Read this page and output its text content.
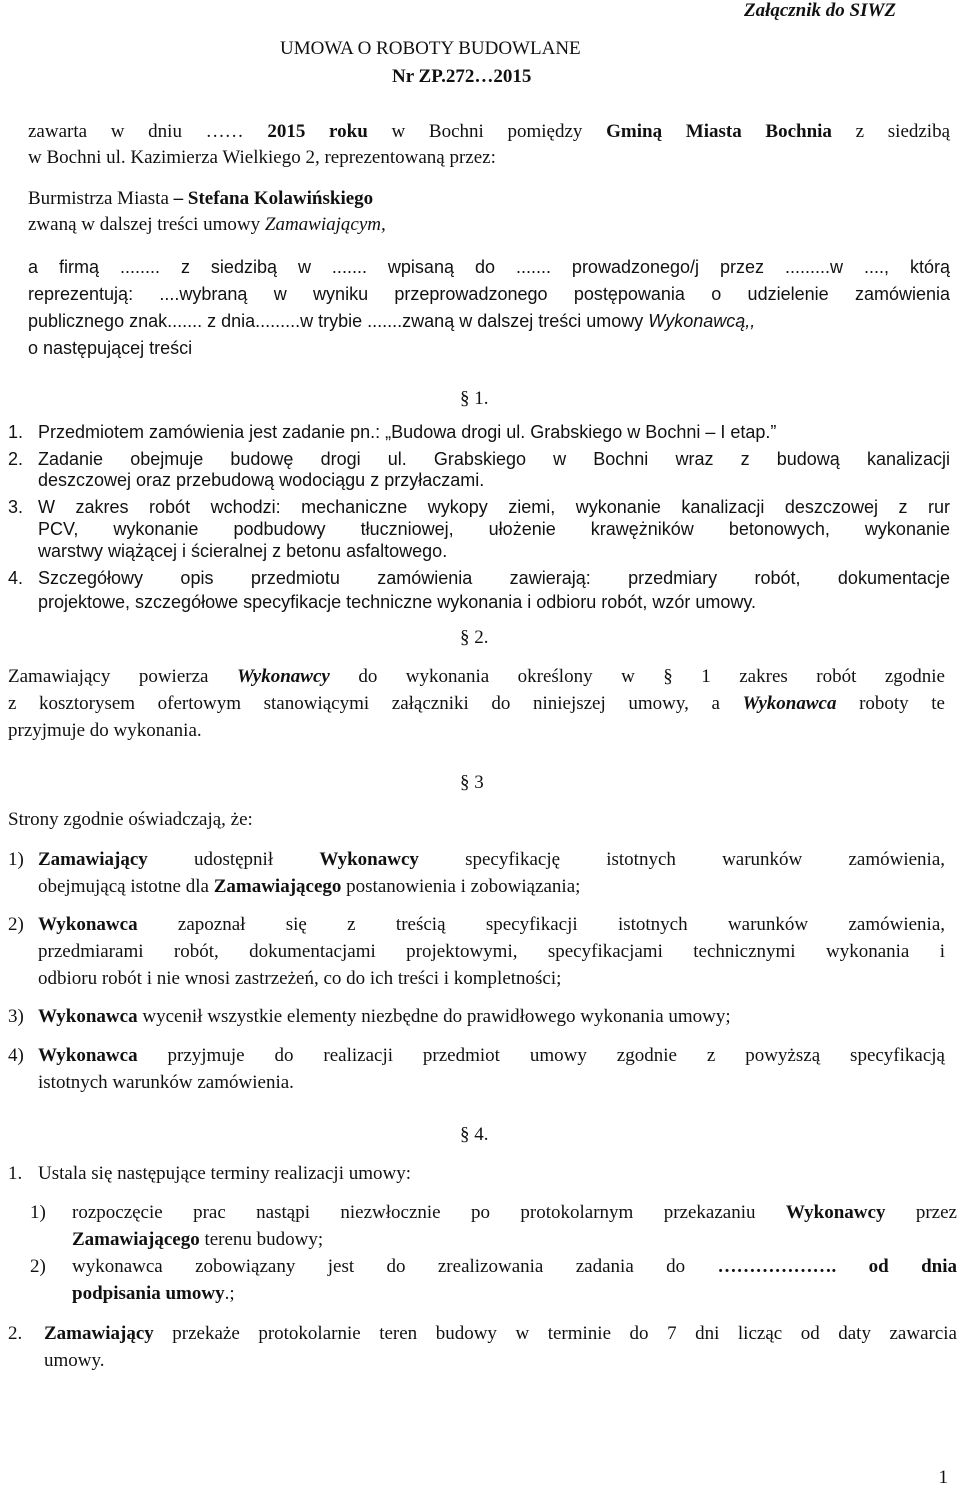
Załącznik do SIWZ
UMOWA O ROBOTY BUDOWLANE
Nr ZP.272…2015
zawarta w dniu …… 2015 roku w Bochni pomiędzy Gminą Miasta Bochnia z siedzibą
w Bochni ul. Kazimierza Wielkiego 2, reprezentowaną przez:
Burmistrza Miasta – Stefana Kolawińskiego
zwaną w dalszej treści umowy Zamawiającym,
a firmą ........ z siedzibą w ....... wpisaną do ....... prowadzonego/j przez .........w ...., którą
reprezentują: ....wybraną w wyniku przeprowadzonego postępowania o udzielenie zamówienia
publicznego znak....... z dnia.........w trybie .......zwaną w dalszej treści umowy Wykonawcą,,
o następującej treści
§ 1.
1. Przedmiotem zamówienia jest zadanie pn.: „Budowa drogi ul. Grabskiego w Bochni – I etap.”
2. Zadanie obejmuje budowę drogi ul. Grabskiego w Bochni wraz z budową kanalizacji
deszczowej oraz przebudową wodociągu z przyłaczami.
3. W zakres robót wchodzi: mechaniczne wykopy ziemi, wykonanie kanalizacji deszczowej z rur
PCV, wykonanie podbudowy tłuczniowej, ułożenie krawężników betonowych, wykonanie
warstwy wiążącej i ścieralnej z betonu asfaltowego.
4. Szczegółowy opis przedmiotu zamówienia zawierają: przedmiary robót, dokumentacje
projektowe, szczegółowe specyfikacje techniczne wykonania i odbioru robót, wzór umowy.
§ 2.
Zamawiający powierza Wykonawcy do wykonania określony w § 1 zakres robót zgodnie
z kosztorysem ofertowym stanowiącymi załączniki do niniejszej umowy, a Wykonawca roboty te
przyjmuje do wykonania.
§ 3
Strony zgodnie oświadczają, że:
1) Zamawiający udostępnił Wykonawcy specyfikację istotnych warunków zamówienia,
obejmującą istotne dla Zamawiającego postanowienia i zobowiązania;
2) Wykonawca zapoznał się z treścią specyfikacji istotnych warunków zamówienia,
przedmiarami robót, dokumentacjami projektowymi, specyfikacjami technicznymi wykonania i
odbioru robót i nie wnosi zastrzeżeń, co do ich treści i kompletności;
3) Wykonawca wycenił wszystkie elementy niezbędne do prawidłowego wykonania umowy;
4) Wykonawca przyjmuje do realizacji przedmiot umowy zgodnie z powyższą specyfikacją
istotnych warunków zamówienia.
§ 4.
1. Ustala się następujące terminy realizacji umowy:
1) rozpoczęcie prac nastąpi niezwłocznie po protokolarnym przekazaniu Wykonawcy przez
Zamawiającego terenu budowy;
2) wykonawca zobowiązany jest do zrealizowania zadania do ………………. od dnia
podpisania umowy.;
2. Zamawiający przekaże protokolarnie teren budowy w terminie do 7 dni licząc od daty zawarcia
umowy.
1
